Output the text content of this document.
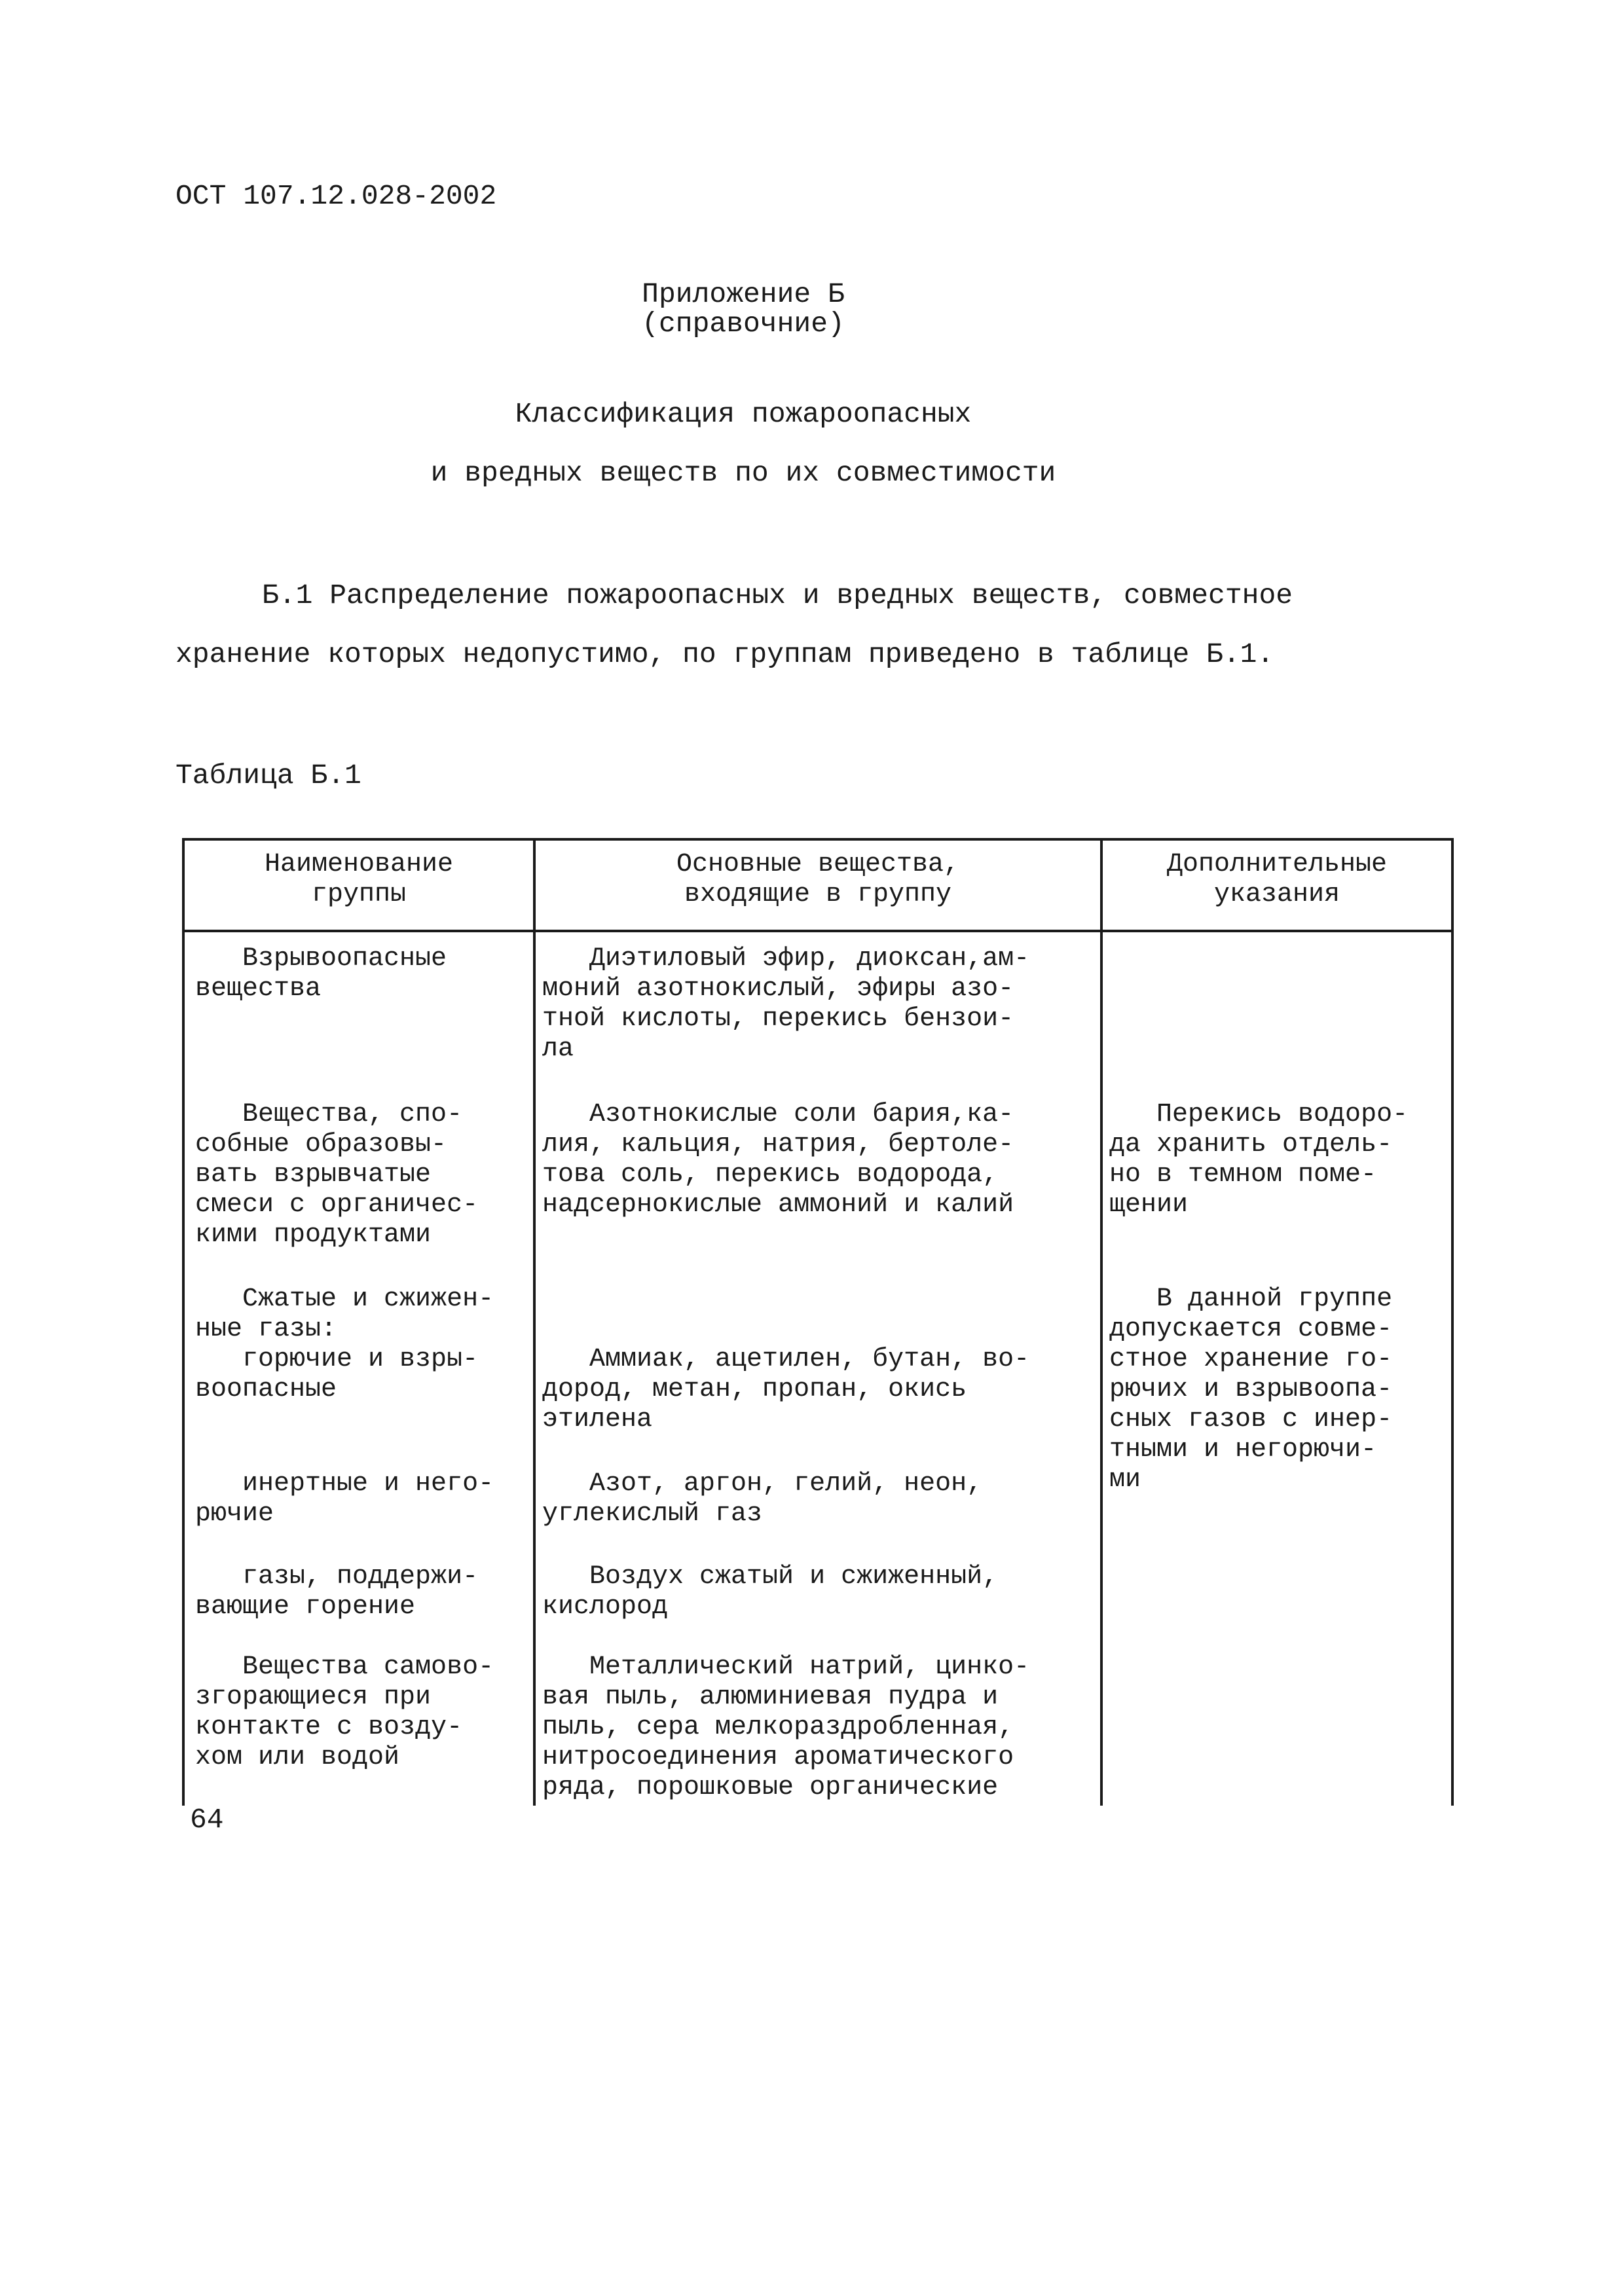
ОСТ 107.12.028-2002
Приложение Б
(справочние)
Классификация пожароопасных
и вредных веществ по их совместимости
Б.1 Распределение пожароопасных и вредных веществ, совместное
хранение которых недопустимо, по группам приведено в таблице Б.1.
Таблица Б.1
Наименование
группы
Основные вещества,
входящие в группу
Дополнительные
указания
Взрывоопасные
вещества
Диэтиловый эфир, диоксан,ам-
моний азотнокислый, эфиры азо-
тной кислоты, перекись бензои-
ла
Вещества, спо-
собные образовы-
вать взрывчатые
смеси с органичес-
кими продуктами
Азотнокислые соли бария,ка-
лия, кальция, натрия, бертоле-
това соль, перекись водорода,
надсернокислые аммоний и калий
Перекись водоро-
да хранить отдель-
но в темном поме-
щении
Сжатые и сжижен-
ные газы:
горючие и взры-
воопасные
Аммиак, ацетилен, бутан, во-
дород, метан, пропан, окись
этилена
В данной группе
допускается совме-
стное хранение го-
рючих и взрывоопа-
сных газов с инер-
тными и негорючи-
ми
инертные и него-
рючие
Азот, аргон, гелий, неон,
углекислый газ
газы, поддержи-
вающие горение
Воздух сжатый и сжиженный,
кислород
Вещества самово-
згорающиеся при
контакте с возду-
хом или водой
Металлический натрий, цинко-
вая пыль, алюминиевая пудра и
пыль, сера мелкораздробленная,
нитросоединения ароматического
ряда, порошковые органические
64
